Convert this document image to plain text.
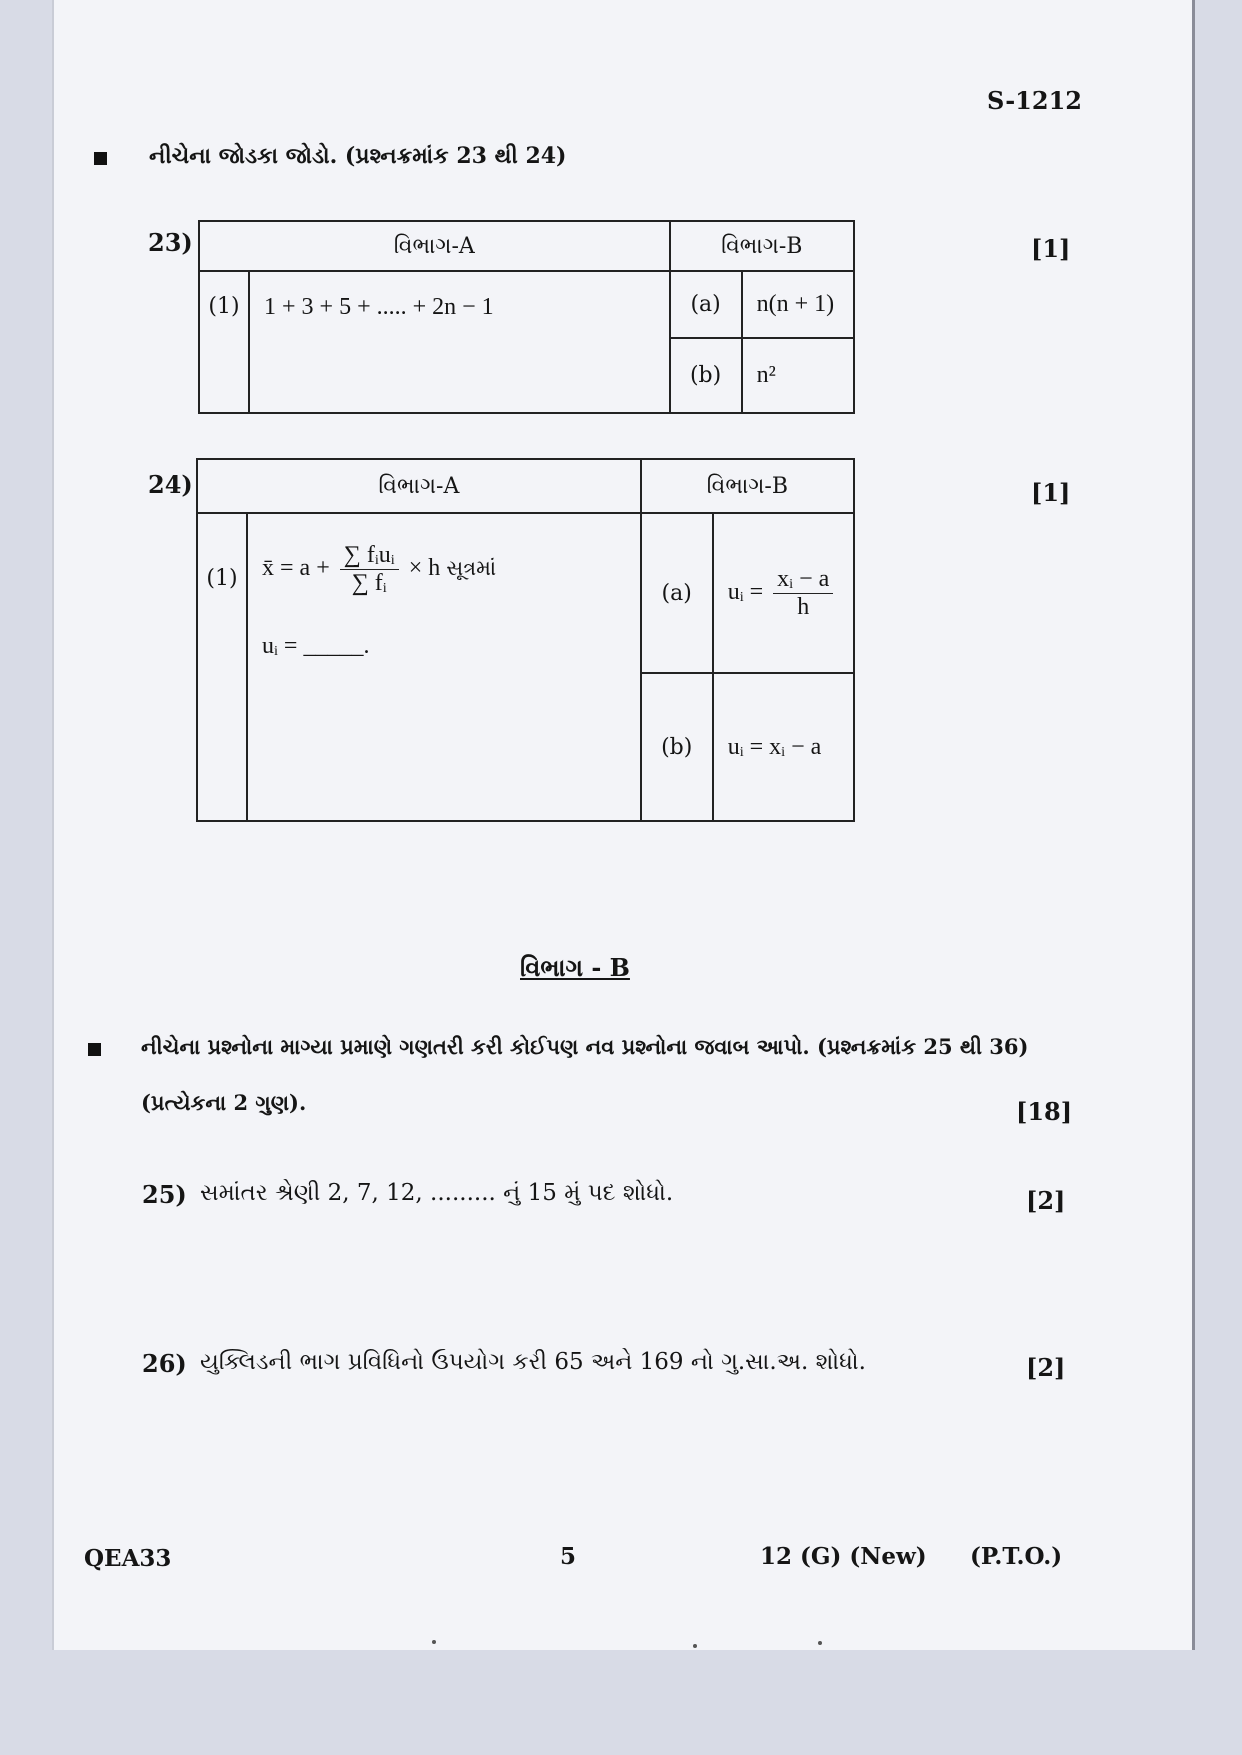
S-1212
નીચેના જોડકા જોડો. (પ્રશ્નક્રમાંક 23 થી 24)
23)	[1]
વિભાગ-A		વિભાગ-B	
(1)	1 + 3 + 5 + ..... + 2n − 1	(a)	n(n + 1)
		(b)	n²
24)	[1]
વિભાગ-A		વિભાગ-B	
(1)	x̄ = $a + \frac{\text{∑ fᵢuᵢ}}{\text{∑ fᵢ}} \times h$ સૂત્રમાં
uᵢ = _____.	(a)	uᵢ = $\frac{\text{xᵢ − a}}{h}$

		(b)	uᵢ = xᵢ − a
વિભાગ - B
નીચેના પ્રશ્નોના માગ્યા પ્રમાણે ગણતરી કરી કોઈપણ નવ પ્રશ્નોના જવાબ આપો. (પ્રશ્નક્રમાંક 25 થી 36)
(પ્રત્યેકના 2 ગુણ).	[18]
25) સમાંતર શ્રેણી 2, 7, 12, ......... નું 15 મું પદ શોધો.	[2]
26) યુક્લિડની ભાગ પ્રવિધિનો ઉપયોગ કરી 65 અને 169 નો ગુ.સા.અ. શોધો.	[2]
QEA33	5	12 (G) (New) (P.T.O.)
